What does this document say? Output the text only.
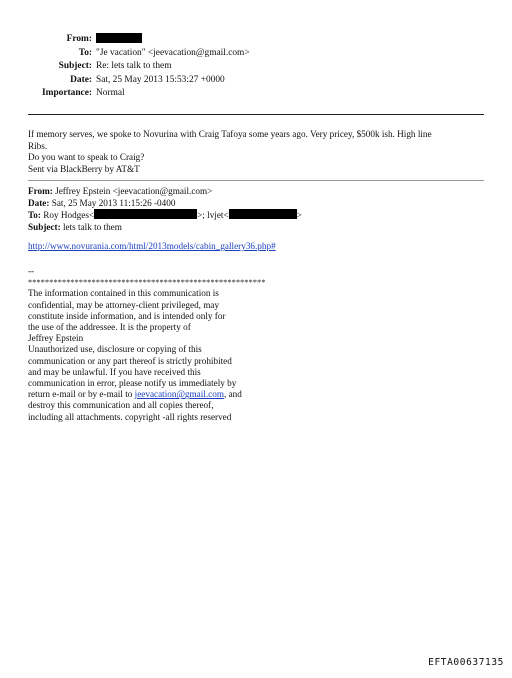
From:
To: "Je vacation" <jeevacation@gmail.com>
Subject: Re: lets talk to them
Date: Sat, 25 May 2013 15:53:27 +0000
Importance: Normal
If memory serves, we spoke to Novurina with Craig Tafoya some years ago. Very pricey, $500k ish. High line
Ribs.
Do you want to speak to Craig?
Sent via BlackBerry by AT&T
From: Jeffrey Epstein <jeevacation@gmail.com>
Date: Sat, 25 May 2013 11:15:26 -0400
To: Roy Hodges<	>; lvjet<	>
Subject: lets talk to them
http://www.novurania.com/html/2013models/cabin_gallery36.php#
--
********************************************************
The information contained in this communication is
confidential, may be attorney-client privileged, may
constitute inside information, and is intended only for
the use of the addressee. It is the property of
Jeffrey Epstein
Unauthorized use, disclosure or copying of this
communication or any part thereof is strictly prohibited
and may be unlawful. If you have received this
communication in error, please notify us immediately by
return e-mail or by e-mail to jeevacation@gmail.com, and
destroy this communication and all copies thereof,
including all attachments. copyright -all rights reserved
EFTA00637135
